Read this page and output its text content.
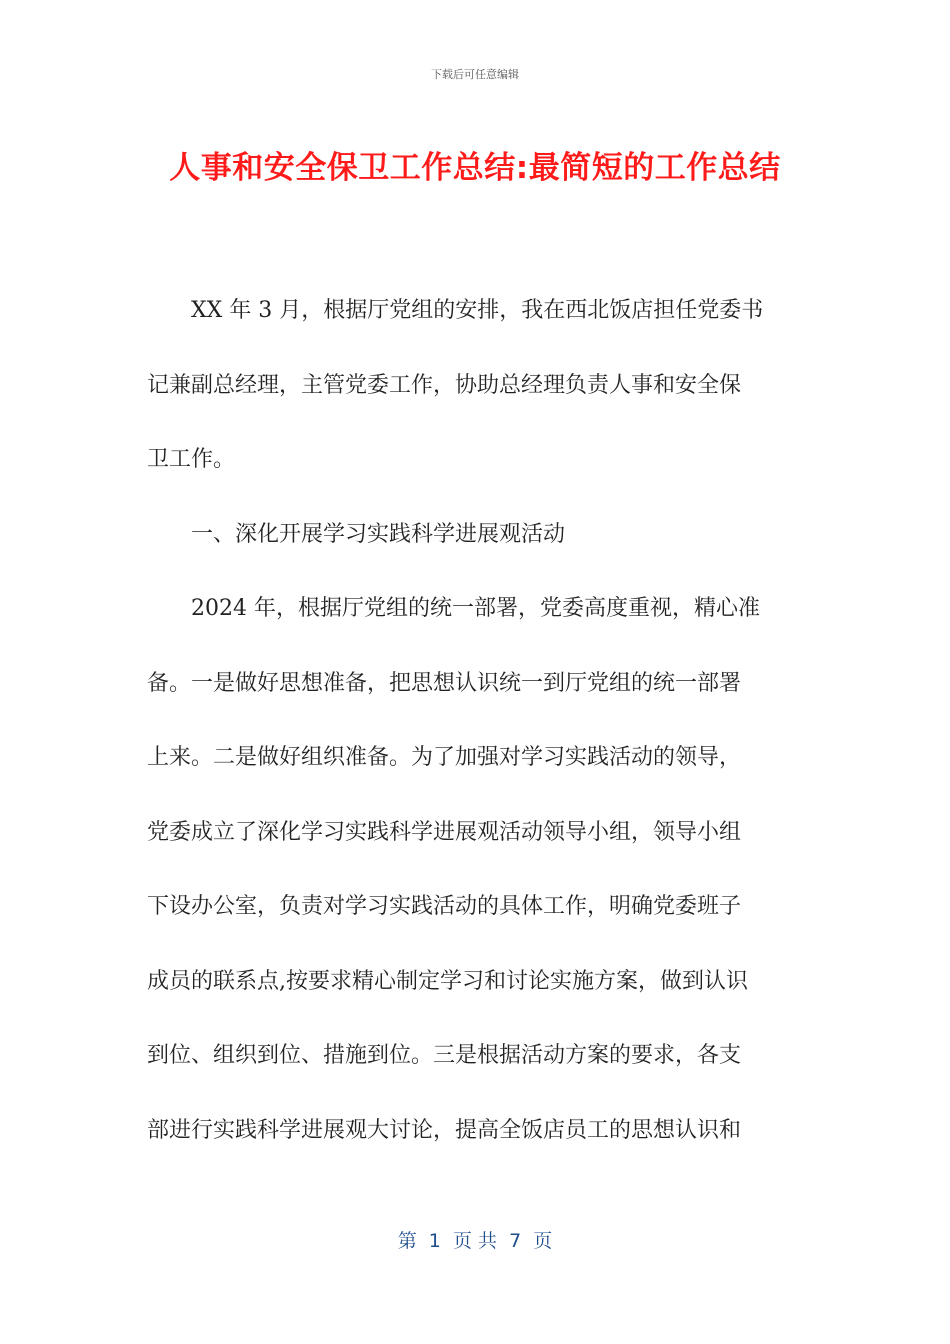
下载后可任意编辑
人事和安全保卫工作总结:最简短的工作总结
XX 年 3 月，根据厅党组的安排，我在西北饭店担任党委书
记兼副总经理，主管党委工作，协助总经理负责人事和安全保
卫工作。
一、深化开展学习实践科学进展观活动
2024 年，根据厅党组的统一部署，党委高度重视，精心准
备。一是做好思想准备，把思想认识统一到厅党组的统一部署
上来。二是做好组织准备。为了加强对学习实践活动的领导，
党委成立了深化学习实践科学进展观活动领导小组，领导小组
下设办公室，负责对学习实践活动的具体工作，明确党委班子
成员的联系点,按要求精心制定学习和讨论实施方案，做到认识
到位、组织到位、措施到位。三是根据活动方案的要求，各支
部进行实践科学进展观大讨论，提高全饭店员工的思想认识和
第  1  页 共  7  页
